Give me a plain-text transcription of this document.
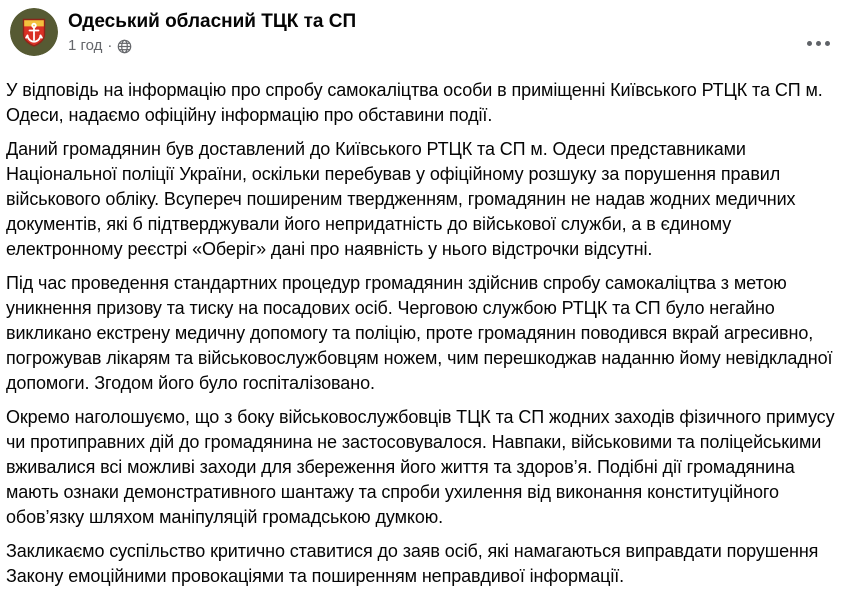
Одеський обласний ТЦК та СП
1 год ·

У відповідь на інформацію про спробу самокаліцтва особи в приміщенні Київського РТЦК та СП м. Одеси, надаємо офіційну інформацію про обставини події.

Даний громадянин був доставлений до Київського РТЦК та СП м. Одеси представниками Національної поліції України, оскільки перебував у офіційному розшуку за порушення правил військового обліку. Всупереч поширеним твердженням, громадянин не надав жодних медичних документів, які б підтверджували його непридатність до військової служби, а в єдиному електронному реєстрі «Оберіг» дані про наявність у нього відстрочки відсутні.

Під час проведення стандартних процедур громадянин здійснив спробу самокаліцтва з метою уникнення призову та тиску на посадових осіб. Черговою службою РТЦК та СП було негайно викликано екстрену медичну допомогу та поліцію, проте громадянин поводився вкрай агресивно, погрожував лікарям та військовослужбовцям ножем, чим перешкоджав наданню йому невідкладної допомоги. Згодом його було госпіталізовано.

Окремо наголошуємо, що з боку військовослужбовців ТЦК та СП жодних заходів фізичного примусу чи протиправних дій до громадянина не застосовувалося. Навпаки, військовими та поліцейськими вживалися всі можливі заходи для збереження його життя та здоров’я. Подібні дії громадянина мають ознаки демонстративного шантажу та спроби ухилення від виконання конституційного обов’язку шляхом маніпуляцій громадською думкою.

Закликаємо суспільство критично ставитися до заяв осіб, які намагаються виправдати порушення Закону емоційними провокаціями та поширенням неправдивої інформації.
